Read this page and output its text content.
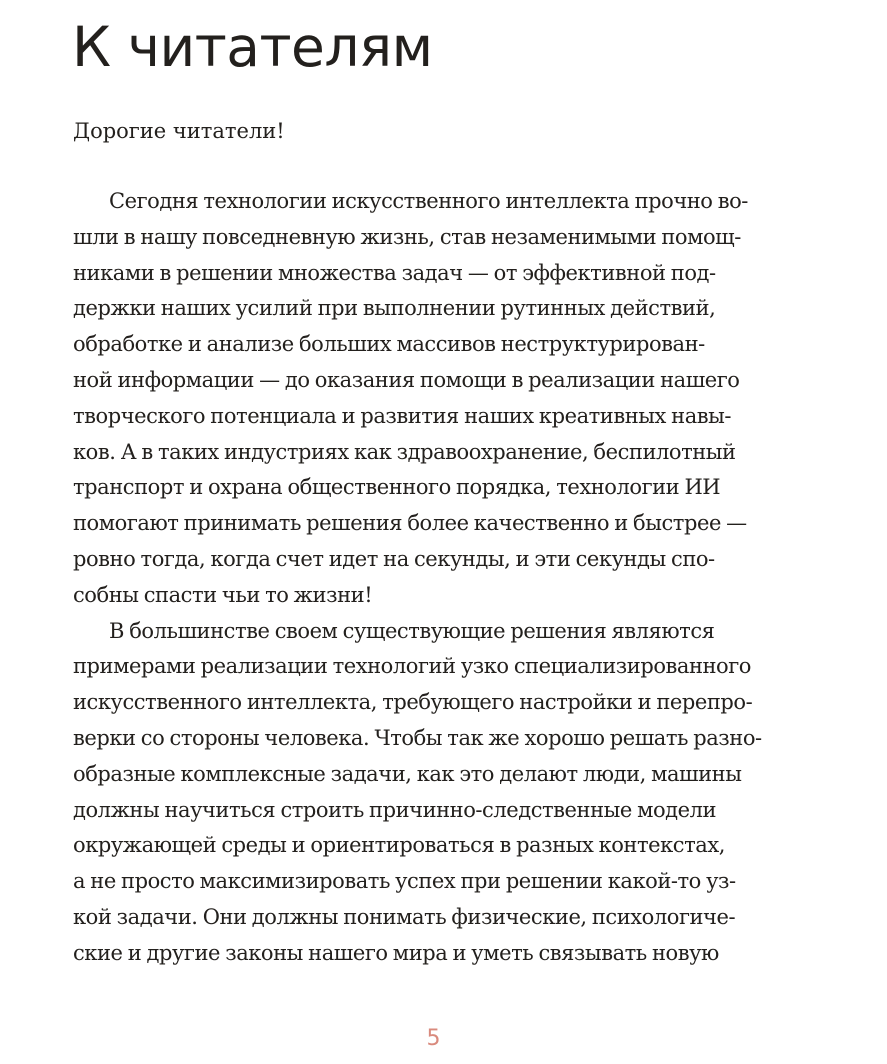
К читателям

Дорогие читатели!

Сегодня технологии искусственного интеллекта прочно во-
шли в нашу повседневную жизнь, став незаменимыми помощ-
никами в решении множества задач — от эффективной под-
держки наших усилий при выполнении рутинных действий,
обработке и анализе больших массивов неструктурирован-
ной информации — до оказания помощи в реализации нашего
творческого потенциала и развития наших креативных навы-
ков. А в таких индустриях как здравоохранение, беспилотный
транспорт и охрана общественного порядка, технологии ИИ
помогают принимать решения более качественно и быстрее —
ровно тогда, когда счет идет на секунды, и эти секунды спо-
собны спасти чьи то жизни!
В большинстве своем существующие решения являются
примерами реализации технологий узко специализированного
искусственного интеллекта, требующего настройки и перепро-
верки со стороны человека. Чтобы так же хорошо решать разно-
образные комплексные задачи, как это делают люди, машины
должны научиться строить причинно-следственные модели
окружающей среды и ориентироваться в разных контекстах,
а не просто максимизировать успех при решении какой-то уз-
кой задачи. Они должны понимать физические, психологиче-
ские и другие законы нашего мира и уметь связывать новую
5
